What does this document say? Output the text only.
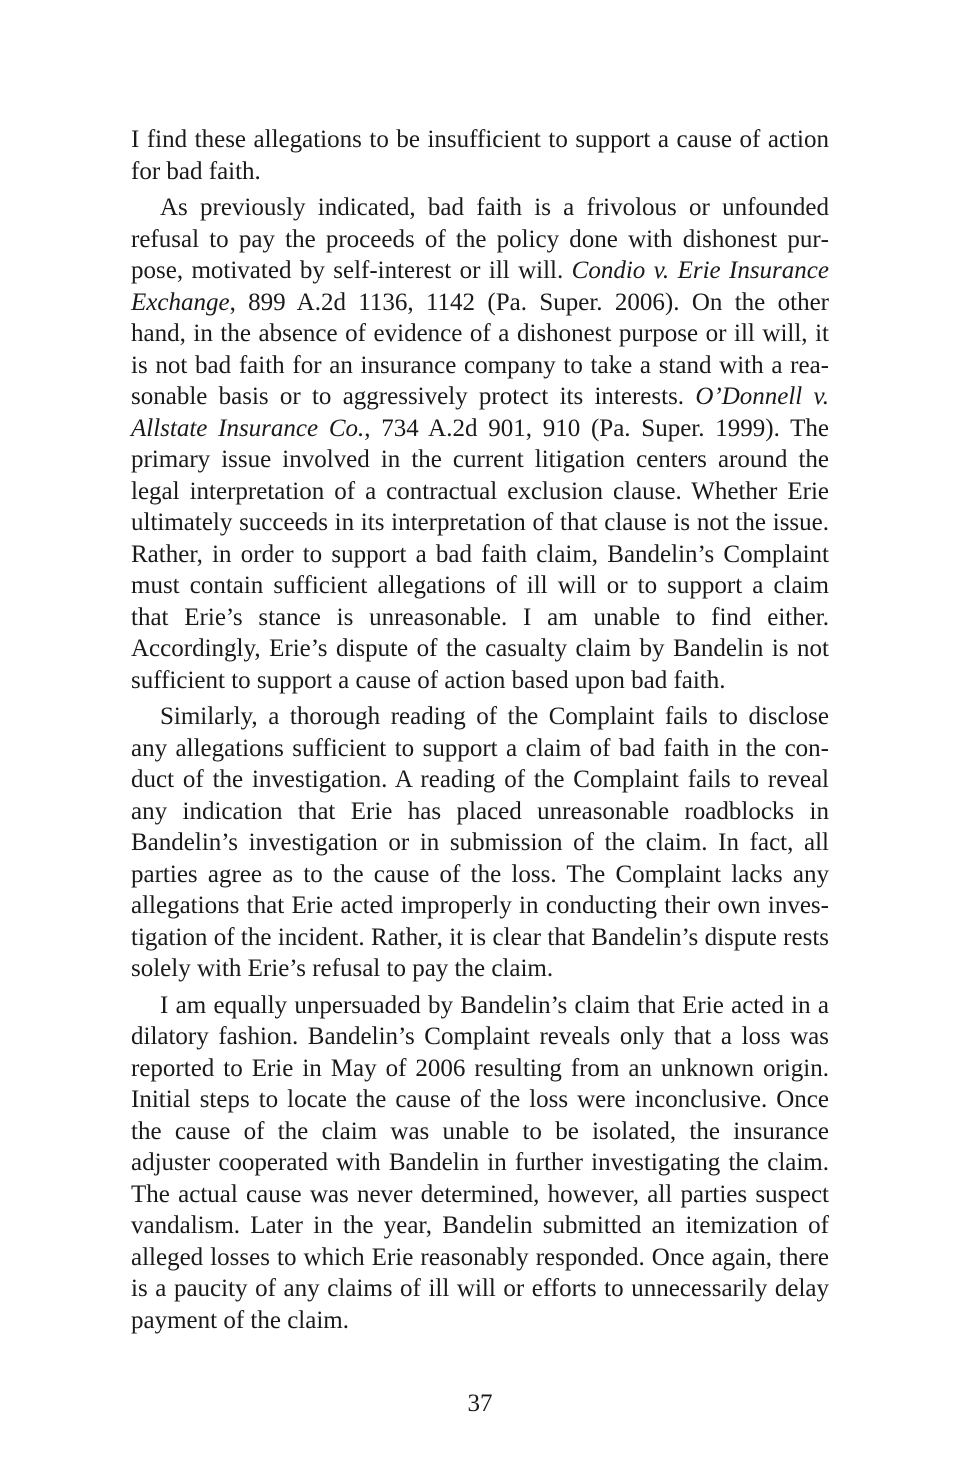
I find these allegations to be insufficient to support a cause of action for bad faith.

As previously indicated, bad faith is a frivolous or unfounded refusal to pay the proceeds of the policy done with dishonest purpose, motivated by self-interest or ill will. Condio v. Erie Insurance Exchange, 899 A.2d 1136, 1142 (Pa. Super. 2006). On the other hand, in the absence of evidence of a dishonest purpose or ill will, it is not bad faith for an insurance company to take a stand with a reasonable basis or to aggressively protect its interests. O’Donnell v. Allstate Insurance Co., 734 A.2d 901, 910 (Pa. Super. 1999). The primary issue involved in the current litigation centers around the legal interpretation of a contractual exclusion clause. Whether Erie ultimately succeeds in its interpretation of that clause is not the issue. Rather, in order to support a bad faith claim, Bandelin’s Complaint must contain sufficient allegations of ill will or to support a claim that Erie’s stance is unreasonable. I am unable to find either. Accordingly, Erie’s dispute of the casualty claim by Bandelin is not sufficient to support a cause of action based upon bad faith.

Similarly, a thorough reading of the Complaint fails to disclose any allegations sufficient to support a claim of bad faith in the conduct of the investigation. A reading of the Complaint fails to reveal any indication that Erie has placed unreasonable roadblocks in Bandelin’s investigation or in submission of the claim. In fact, all parties agree as to the cause of the loss. The Complaint lacks any allegations that Erie acted improperly in conducting their own investigation of the incident. Rather, it is clear that Bandelin’s dispute rests solely with Erie’s refusal to pay the claim.

I am equally unpersuaded by Bandelin’s claim that Erie acted in a dilatory fashion. Bandelin’s Complaint reveals only that a loss was reported to Erie in May of 2006 resulting from an unknown origin. Initial steps to locate the cause of the loss were inconclusive. Once the cause of the claim was unable to be isolated, the insurance adjuster cooperated with Bandelin in further investigating the claim. The actual cause was never determined, however, all parties suspect vandalism. Later in the year, Bandelin submitted an itemization of alleged losses to which Erie reasonably responded. Once again, there is a paucity of any claims of ill will or efforts to unnecessarily delay payment of the claim.

37
